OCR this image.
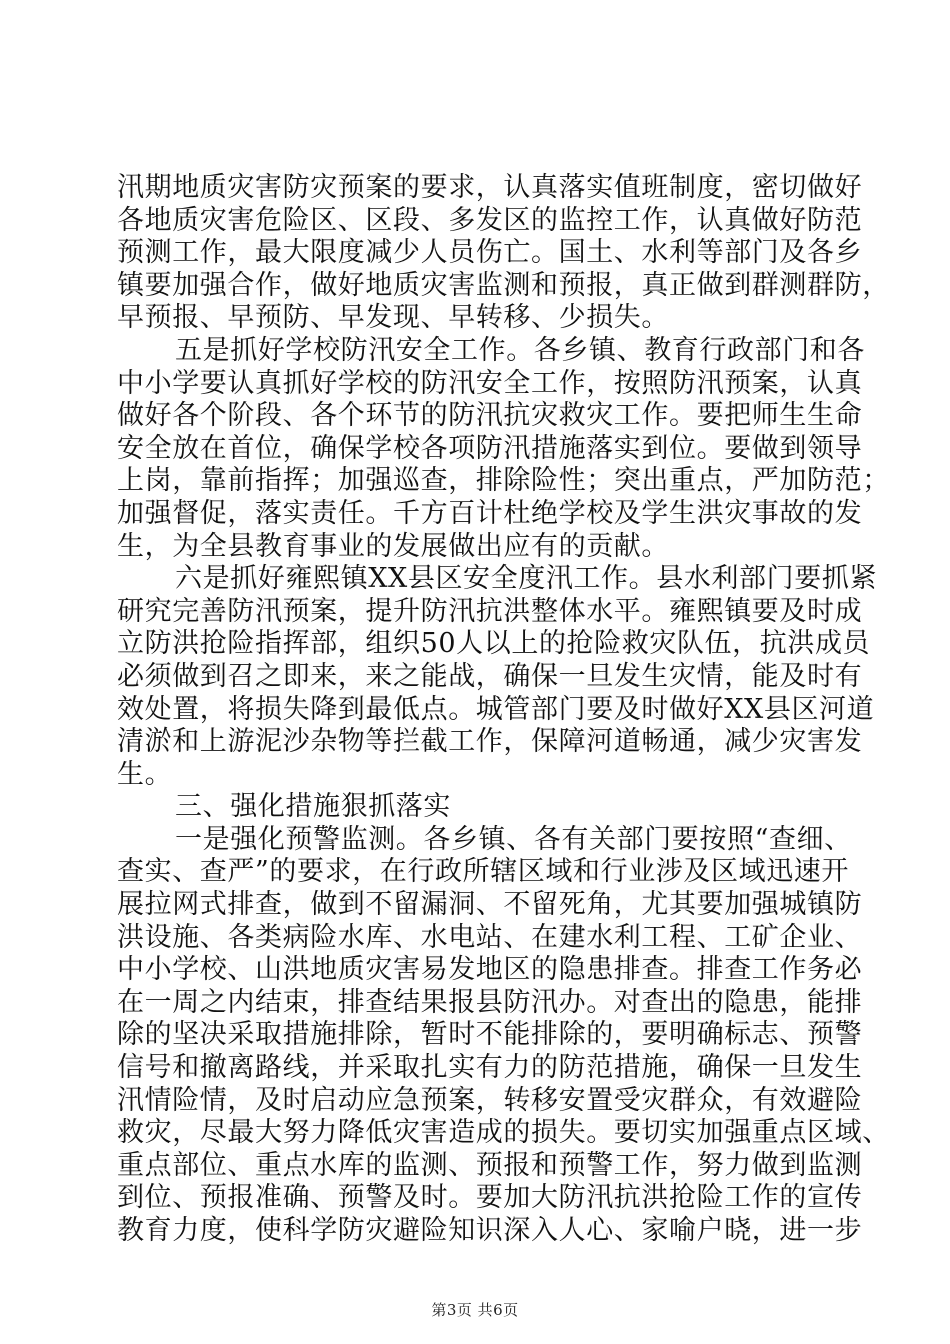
汛期地质灾害防灾预案的要求，认真落实值班制度，密切做好
各地质灾害危险区、区段、多发区的监控工作，认真做好防范
预测工作，最大限度减少人员伤亡。国土、水利等部门及各乡
镇要加强合作，做好地质灾害监测和预报，真正做到群测群防，
早预报、早预防、早发现、早转移、少损失。
五是抓好学校防汛安全工作。各乡镇、教育行政部门和各
中小学要认真抓好学校的防汛安全工作，按照防汛预案，认真
做好各个阶段、各个环节的防汛抗灾救灾工作。要把师生生命
安全放在首位，确保学校各项防汛措施落实到位。要做到领导
上岗，靠前指挥；加强巡查，排除险性；突出重点，严加防范；
加强督促，落实责任。千方百计杜绝学校及学生洪灾事故的发
生，为全县教育事业的发展做出应有的贡献。
六是抓好雍熙镇XX县区安全度汛工作。县水利部门要抓紧
研究完善防汛预案，提升防汛抗洪整体水平。雍熙镇要及时成
立防洪抢险指挥部，组织50人以上的抢险救灾队伍，抗洪成员
必须做到召之即来，来之能战，确保一旦发生灾情，能及时有
效处置，将损失降到最低点。城管部门要及时做好XX县区河道
清淤和上游泥沙杂物等拦截工作，保障河道畅通，减少灾害发
生。
三、强化措施狠抓落实
一是强化预警监测。各乡镇、各有关部门要按照“查细、
查实、查严”的要求，在行政所辖区域和行业涉及区域迅速开
展拉网式排查，做到不留漏洞、不留死角，尤其要加强城镇防
洪设施、各类病险水库、水电站、在建水利工程、工矿企业、
中小学校、山洪地质灾害易发地区的隐患排查。排查工作务必
在一周之内结束，排查结果报县防汛办。对查出的隐患，能排
除的坚决采取措施排除，暂时不能排除的，要明确标志、预警
信号和撤离路线，并采取扎实有力的防范措施，确保一旦发生
汛情险情，及时启动应急预案，转移安置受灾群众，有效避险
救灾，尽最大努力降低灾害造成的损失。要切实加强重点区域、
重点部位、重点水库的监测、预报和预警工作，努力做到监测
到位、预报准确、预警及时。要加大防汛抗洪抢险工作的宣传
教育力度，使科学防灾避险知识深入人心、家喻户晓，进一步
第3页 共6页
